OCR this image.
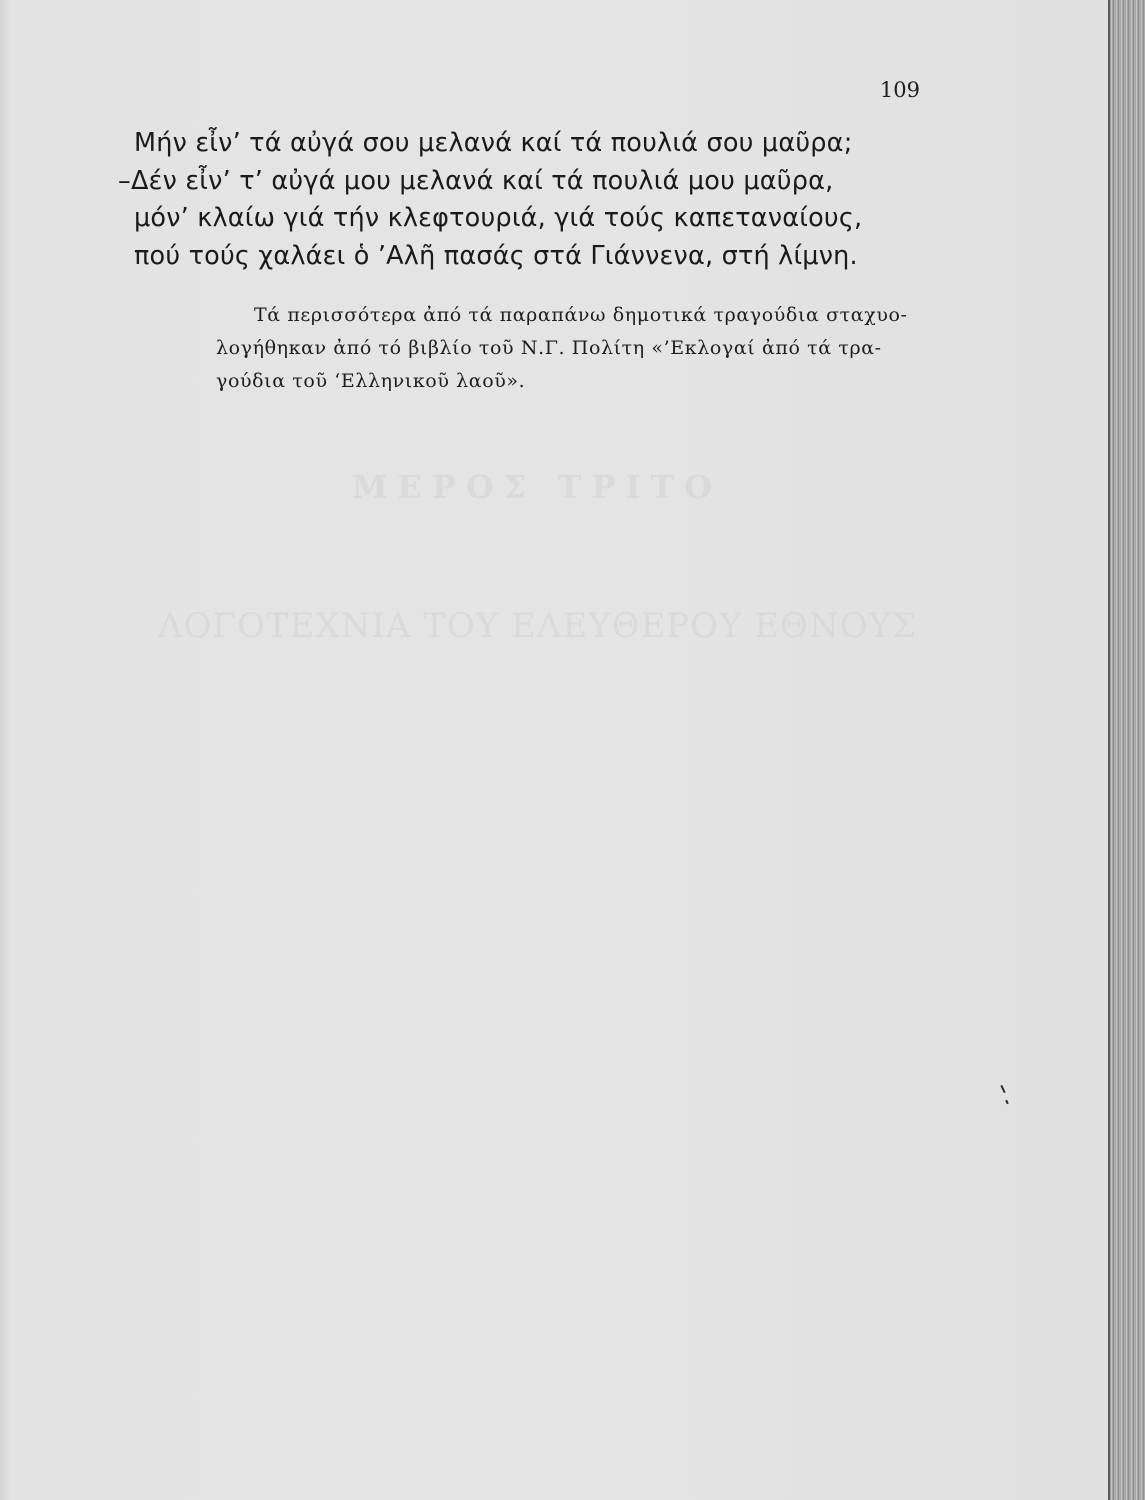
109
Μήν εἶν’ τά αὐγά σου μελανά καί τά πουλιά σου μαῦρα;
–Δέν εἶν’ τ’ αὐγά μου μελανά καί τά πουλιά μου μαῦρα,
μόν’ κλαίω γιά τήν κλεφτουριά, γιά τούς καπεταναίους,
πού τούς χαλάει ὁ ’Αλῆ πασάς στά Γιάννενα, στή λίμνη.
Τά περισσότερα ἀπό τά παραπάνω δημοτικά τραγούδια σταχυο-
λογήθηκαν ἀπό τό βιβλίο τοῦ Ν.Γ. Πολίτη «’Εκλογαί ἀπό τά τρα-
γούδια τοῦ ‘Ελληνικοῦ λαοῦ».
ΜΕΡΟΣ ΤΡΙΤΟ
ΛΟΓΟΤΕΧΝΙΑ ΤΟΥ ΕΛΕΥΘΕΡΟΥ ΕΘΝΟΥΣ
